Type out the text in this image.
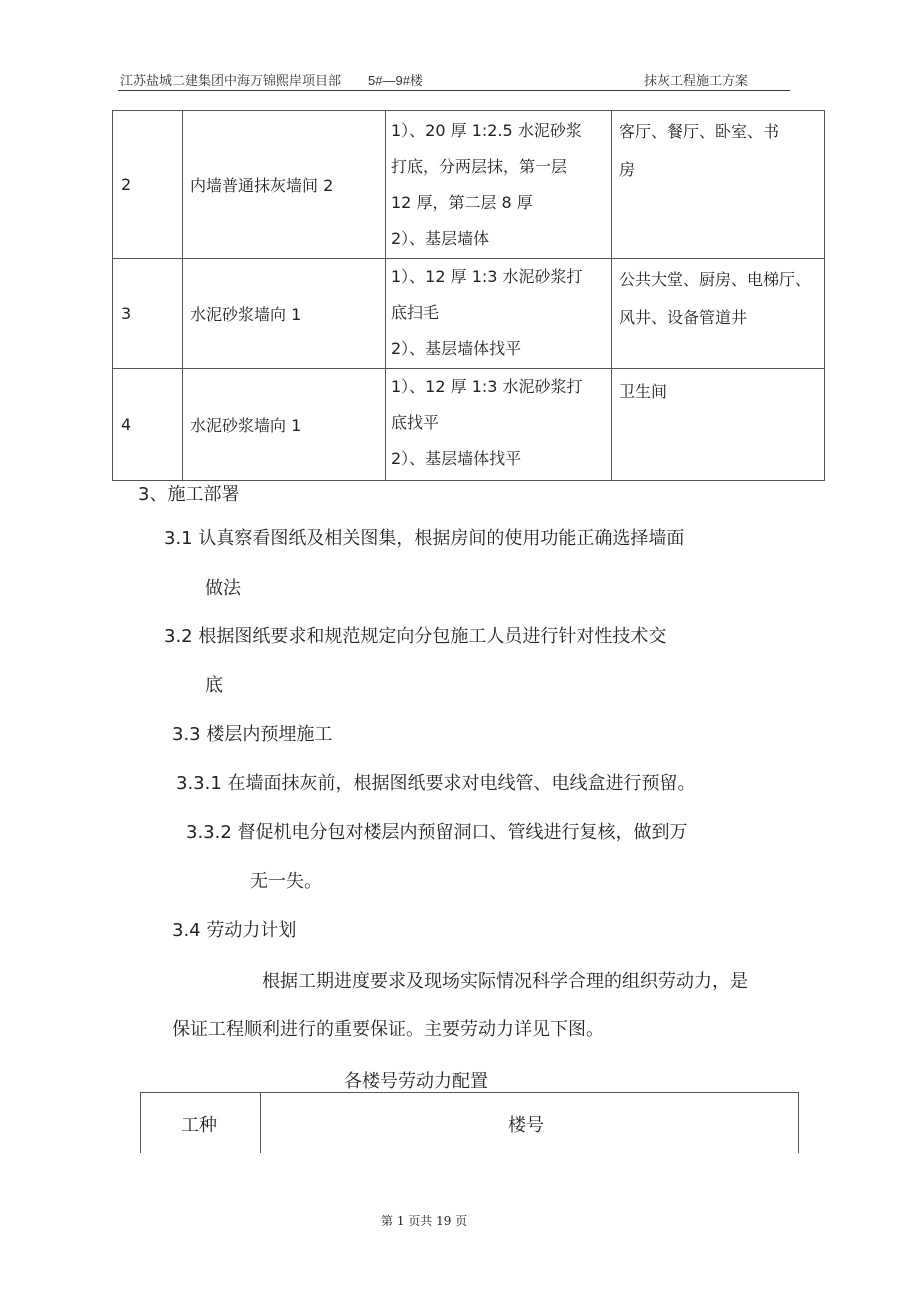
江苏盐城二建集团中海万锦熙岸项目部 5#—9#楼	抹灰工程施工方案
2	内墙普通抹灰墙间 2	1）、20 厚 1:2.5 水泥砂浆
打底，分两层抹，第一层
12 厚，第二层 8 厚
2）、基层墙体	客厅、餐厅、卧室、书
房

3	水泥砂浆墙向 1	1）、12 厚 1:3 水泥砂浆打
底扫毛
2）、基层墙体找平	公共大堂、厨房、电梯厅、
风井、设备管道井

4	水泥砂浆墙向 1	1）、12 厚 1:3 水泥砂浆打
底找平
2）、基层墙体找平	卫生间
3、施工部署
3.1 认真察看图纸及相关图集，根据房间的使用功能正确选择墙面
做法
3.2 根据图纸要求和规范规定向分包施工人员进行针对性技术交
底
3.3 楼层内预埋施工
3.3.1 在墙面抹灰前，根据图纸要求对电线管、电线盒进行预留。
3.3.2 督促机电分包对楼层内预留洞口、管线进行复核，做到万
无一失。
3.4 劳动力计划
根据工期进度要求及现场实际情况科学合理的组织劳动力，是
保证工程顺利进行的重要保证。主要劳动力详见下图。
各楼号劳动力配置
工种	楼号
第 1 页共 19 页
